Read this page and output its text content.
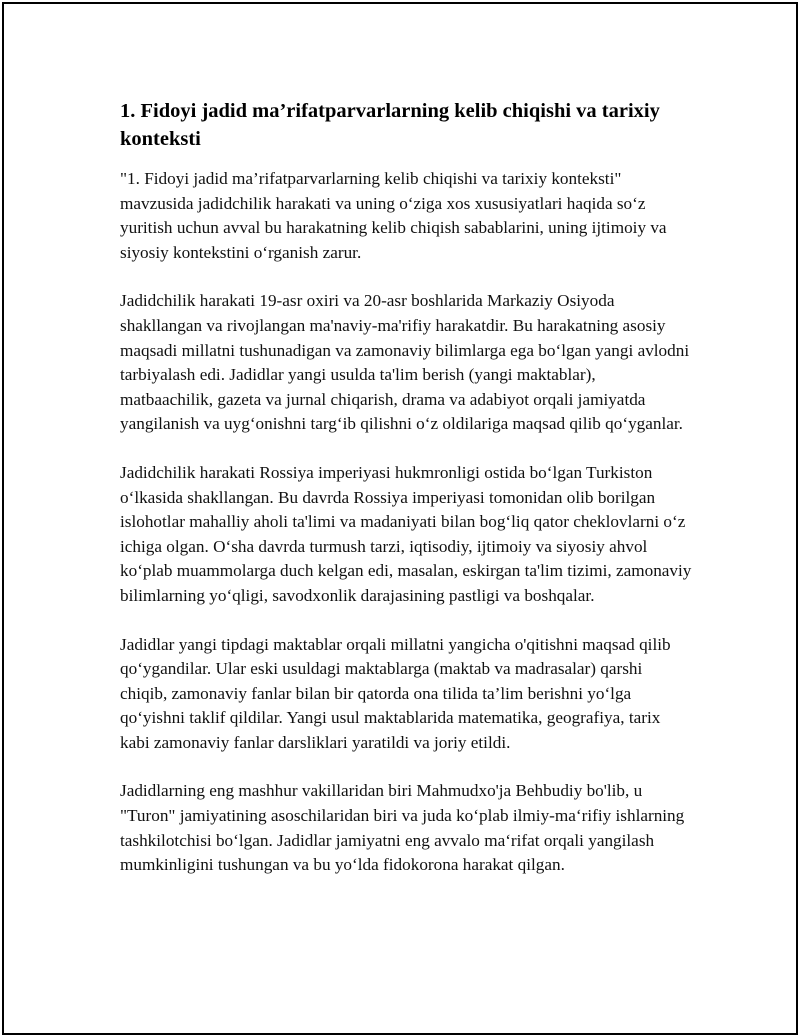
1. Fidoyi jadid ma’rifatparvarlarning kelib chiqishi va tarixiy konteksti

"1. Fidoyi jadid ma’rifatparvarlarning kelib chiqishi va tarixiy konteksti" mavzusida jadidchilik harakati va uning o‘ziga xos xususiyatlari haqida so‘z yuritish uchun avval bu harakatning kelib chiqish sabablarini, uning ijtimoiy va siyosiy kontekstini o‘rganish zarur.

Jadidchilik harakati 19-asr oxiri va 20-asr boshlarida Markaziy Osiyoda shakllangan va rivojlangan ma'naviy-ma'rifiy harakatdir. Bu harakatning asosiy maqsadi millatni tushunadigan va zamonaviy bilimlarga ega bo‘lgan yangi avlodni tarbiyalash edi. Jadidlar yangi usulda ta'lim berish (yangi maktablar), matbaachilik, gazeta va jurnal chiqarish, drama va adabiyot orqali jamiyatda yangilanish va uyg‘onishni targ‘ib qilishni o‘z oldilariga maqsad qilib qo‘yganlar.

Jadidchilik harakati Rossiya imperiyasi hukmronligi ostida bo‘lgan Turkiston o‘lkasida shakllangan. Bu davrda Rossiya imperiyasi tomonidan olib borilgan islohotlar mahalliy aholi ta'limi va madaniyati bilan bog‘liq qator cheklovlarni o‘z ichiga olgan. O‘sha davrda turmush tarzi, iqtisodiy, ijtimoiy va siyosiy ahvol ko‘plab muammolarga duch kelgan edi, masalan, eskirgan ta'lim tizimi, zamonaviy bilimlarning yo‘qligi, savodxonlik darajasining pastligi va boshqalar.

Jadidlar yangi tipdagi maktablar orqali millatni yangicha o'qitishni maqsad qilib qo‘ygandilar. Ular eski usuldagi maktablarga (maktab va madrasalar) qarshi chiqib, zamonaviy fanlar bilan bir qatorda ona tilida ta’lim berishni yo‘lga qo‘yishni taklif qildilar. Yangi usul maktablarida matematika, geografiya, tarix kabi zamonaviy fanlar darsliklari yaratildi va joriy etildi.

Jadidlarning eng mashhur vakillaridan biri Mahmudxo'ja Behbudiy bo'lib, u "Turon" jamiyatining asoschilaridan biri va juda ko‘plab ilmiy-ma‘rifiy ishlarning tashkilotchisi bo‘lgan. Jadidlar jamiyatni eng avvalo ma‘rifat orqali yangilash mumkinligini tushungan va bu yo‘lda fidokorona harakat qilgan.
